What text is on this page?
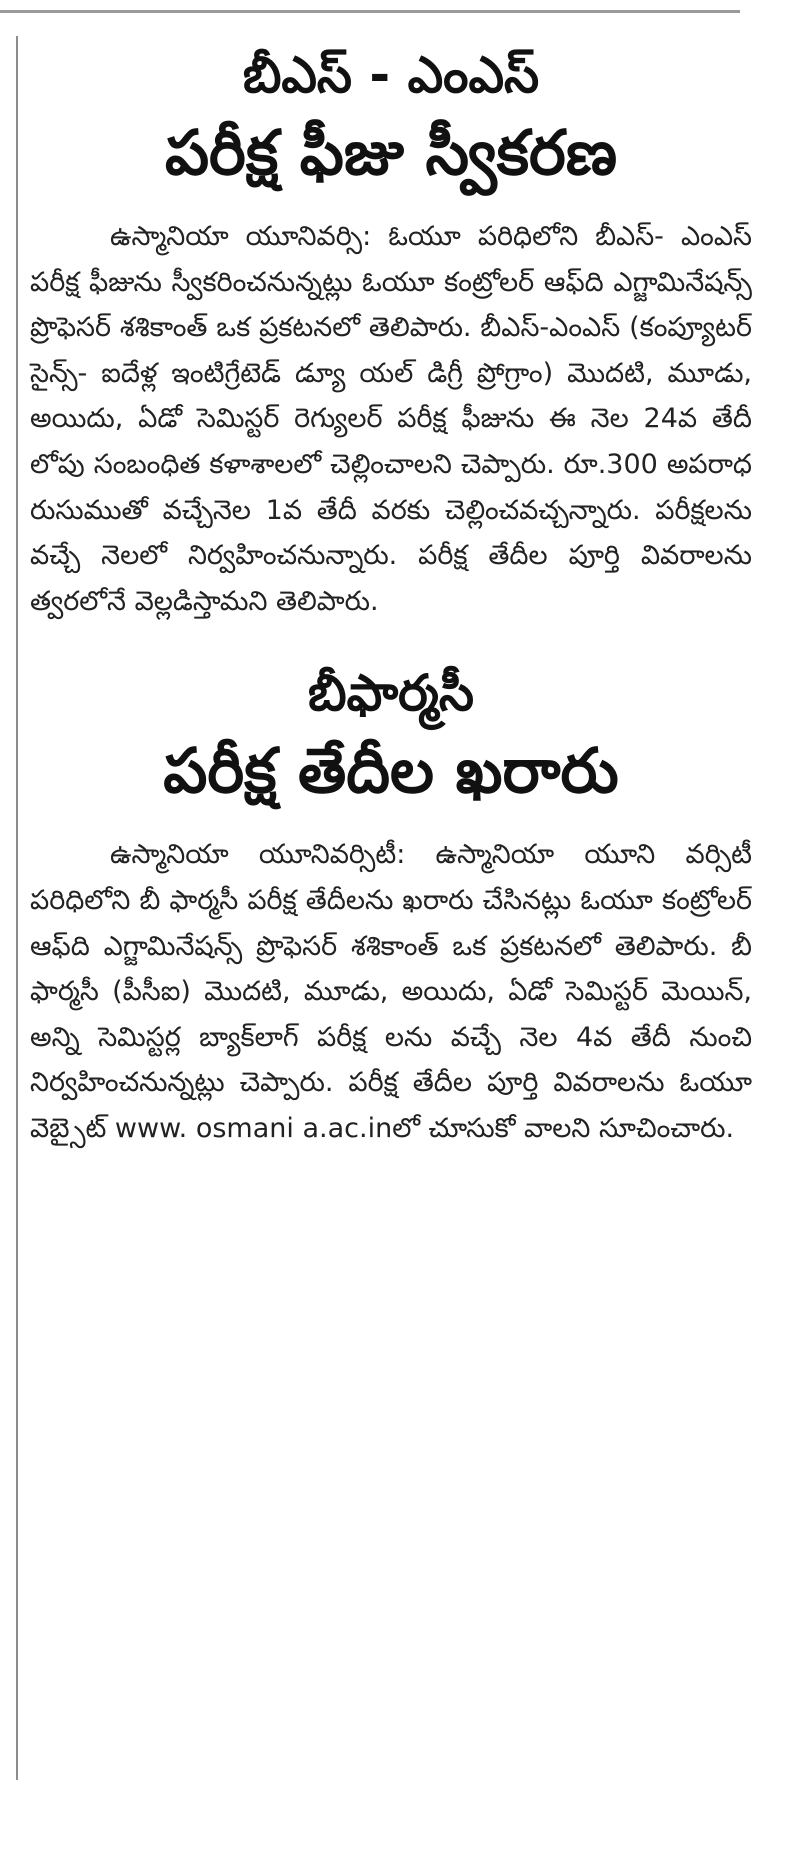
బీఎస్ - ఎంఎస్
పరీక్ష ఫీజు స్వీకరణ

ఉస్మానియా యూనివర్సి: ఓయూ పరిధిలోని బీఎస్- ఎంఎస్ పరీక్ష ఫీజును స్వీకరించనున్నట్లు ఓయూ కంట్రోలర్ ఆఫ్‌ది ఎగ్జామినేషన్స్ ప్రొఫెసర్ శశికాంత్ ఒక ప్రకటనలో తెలిపారు. బీఎస్-ఎంఎస్ (కంప్యూటర్ సైన్స్- ఐదేళ్ల ఇంటిగ్రేటెడ్ డ్యూ యల్ డిగ్రీ ప్రోగ్రాం) మొదటి, మూడు, అయిదు, ఏడో సెమిస్టర్ రెగ్యులర్ పరీక్ష ఫీజును ఈ నెల 24వ తేదీ లోపు సంబంధిత కళాశాలలో చెల్లించాలని చెప్పారు. రూ.300 అపరాధ రుసుముతో వచ్చేనెల 1వ తేదీ వరకు చెల్లించవచ్చన్నారు. పరీక్షలను వచ్చే నెలలో నిర్వహించనున్నారు. పరీక్ష తేదీల పూర్తి వివరాలను త్వరలోనే వెల్లడిస్తామని తెలిపారు.

బీఫార్మసీ
పరీక్ష తేదీల ఖరారు

ఉస్మానియా యూనివర్సిటీ: ఉస్మానియా యూని వర్సిటీ పరిధిలోని బీ ఫార్మసీ పరీక్ష తేదీలను ఖరారు చేసినట్లు ఓయూ కంట్రోలర్ ఆఫ్‌ది ఎగ్జామినేషన్స్ ప్రొఫెసర్ శశికాంత్ ఒక ప్రకటనలో తెలిపారు. బీ ఫార్మసీ (పీసీఐ) మొదటి, మూడు, అయిదు, ఏడో సెమిస్టర్ మెయిన్, అన్ని సెమిస్టర్ల బ్యాక్‌లాగ్ పరీక్ష లను వచ్చే నెల 4వ తేదీ నుంచి నిర్వహించనున్నట్లు చెప్పారు. పరీక్ష తేదీల పూర్తి వివరాలను ఓయూ వెబ్సైట్ www. osmani a.ac.inలో చూసుకో వాలని సూచించారు.
